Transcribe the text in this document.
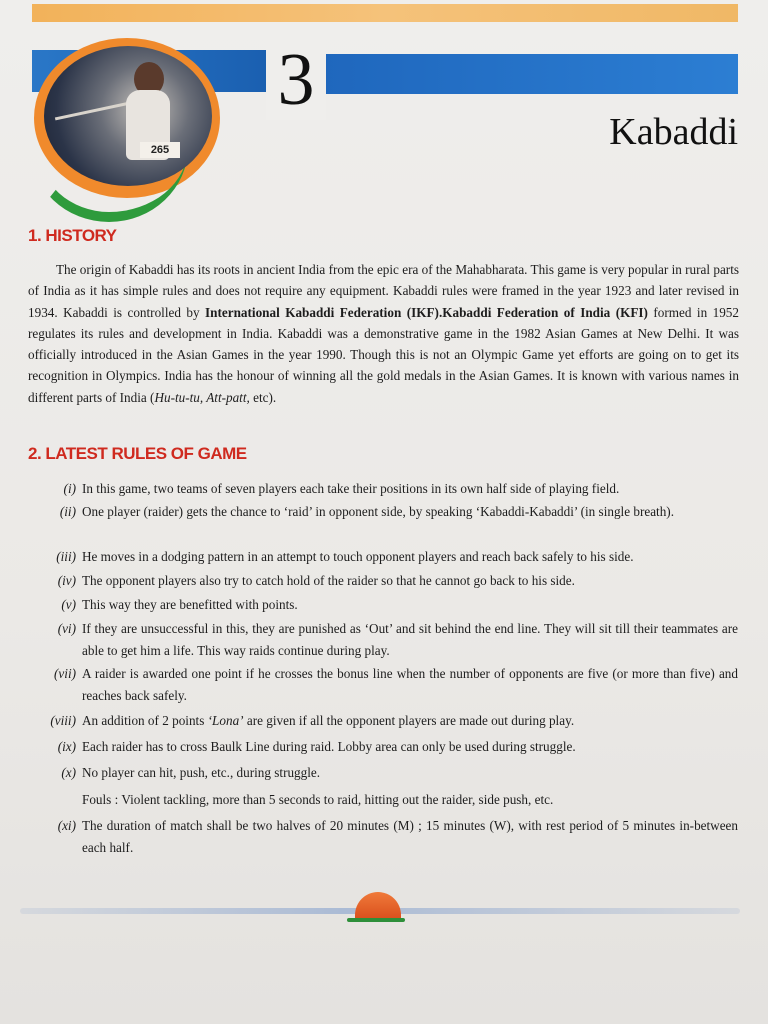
265
3
Kabaddi
1. HISTORY
The origin of Kabaddi has its roots in ancient India from the epic era of the Mahabharata. This game is very popular in rural parts of India as it has simple rules and does not require any equipment. Kabaddi rules were framed in the year 1923 and later revised in 1934. Kabaddi is controlled by International Kabaddi Federation (IKF).Kabaddi Federation of India (KFI) formed in 1952 regulates its rules and development in India. Kabaddi was a demonstrative game in the 1982 Asian Games at New Delhi. It was officially introduced in the Asian Games in the year 1990. Though this is not an Olympic Game yet efforts are going on to get its recognition in Olympics. India has the honour of winning all the gold medals in the Asian Games. It is known with various names in different parts of India (Hu-tu-tu, Att-patt, etc).
2. LATEST RULES OF GAME
(i) In this game, two teams of seven players each take their positions in its own half side of playing field.
(ii) One player (raider) gets the chance to ‘raid’ in opponent side, by speaking ‘Kabaddi-Kabaddi’ (in single breath).
(iii) He moves in a dodging pattern in an attempt to touch opponent players and reach back safely to his side.
(iv) The opponent players also try to catch hold of the raider so that he cannot go back to his side.
(v) This way they are benefitted with points.
(vi) If they are unsuccessful in this, they are punished as ‘Out’ and sit behind the end line. They will sit till their teammates are able to get him a life. This way raids continue during play.
(vii) A raider is awarded one point if he crosses the bonus line when the number of opponents are five (or more than five) and reaches back safely.
(viii) An addition of 2 points ‘Lona’ are given if all the opponent players are made out during play.
(ix) Each raider has to cross Baulk Line during raid. Lobby area can only be used during struggle.
(x) No player can hit, push, etc., during struggle.
Fouls : Violent tackling, more than 5 seconds to raid, hitting out the raider, side push, etc.
(xi) The duration of match shall be two halves of 20 minutes (M) ; 15 minutes (W), with rest period of 5 minutes in-between each half.
